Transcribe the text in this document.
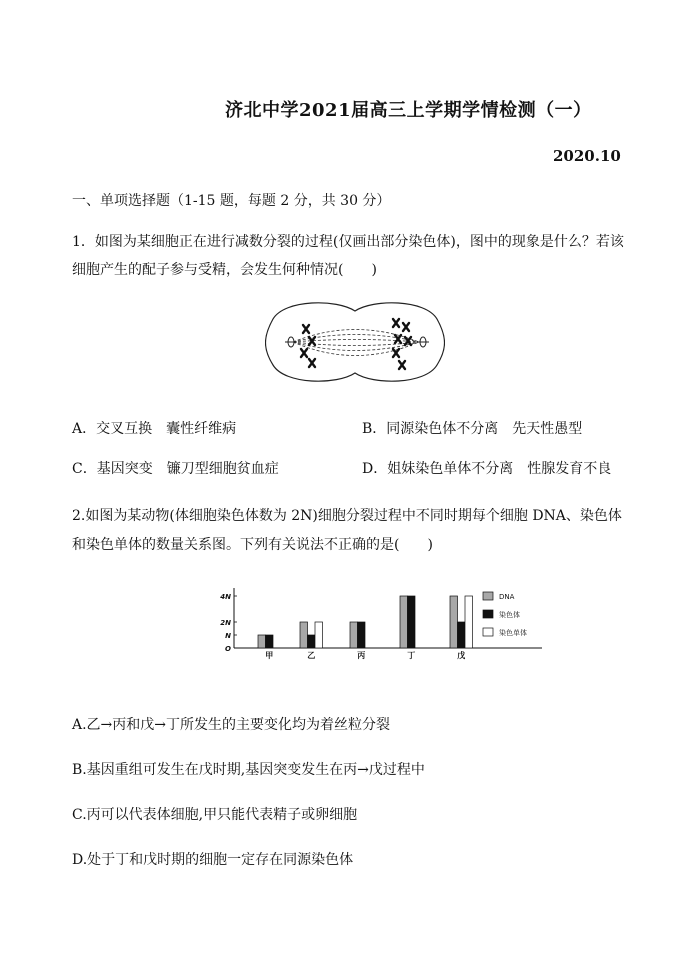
济北中学2021届高三上学期学情检测（一）
2020.10
一、单项选择题（1-15 题，每题 2 分，共 30 分）
1．如图为某细胞正在进行减数分裂的过程(仅画出部分染色体)，图中的现象是什么？若该
细胞产生的配子参与受精，会发生何种情况(　　)
A．交叉互换　囊性纤维病	B．同源染色体不分离　先天性愚型
C．基因突变　镰刀型细胞贫血症	D．姐妹染色单体不分离　性腺发育不良
2.如图为某动物(体细胞染色体数为 2N)细胞分裂过程中不同时期每个细胞 DNA、染色体
和染色单体的数量关系图。下列有关说法不正确的是(　　)
4N
2N
N
O
甲	乙	丙	丁	戊
DNA
染色体
染色单体
A.乙→丙和戊→丁所发生的主要变化均为着丝粒分裂
B.基因重组可发生在戊时期,基因突变发生在丙→戊过程中
C.丙可以代表体细胞,甲只能代表精子或卵细胞
D.处于丁和戊时期的细胞一定存在同源染色体
